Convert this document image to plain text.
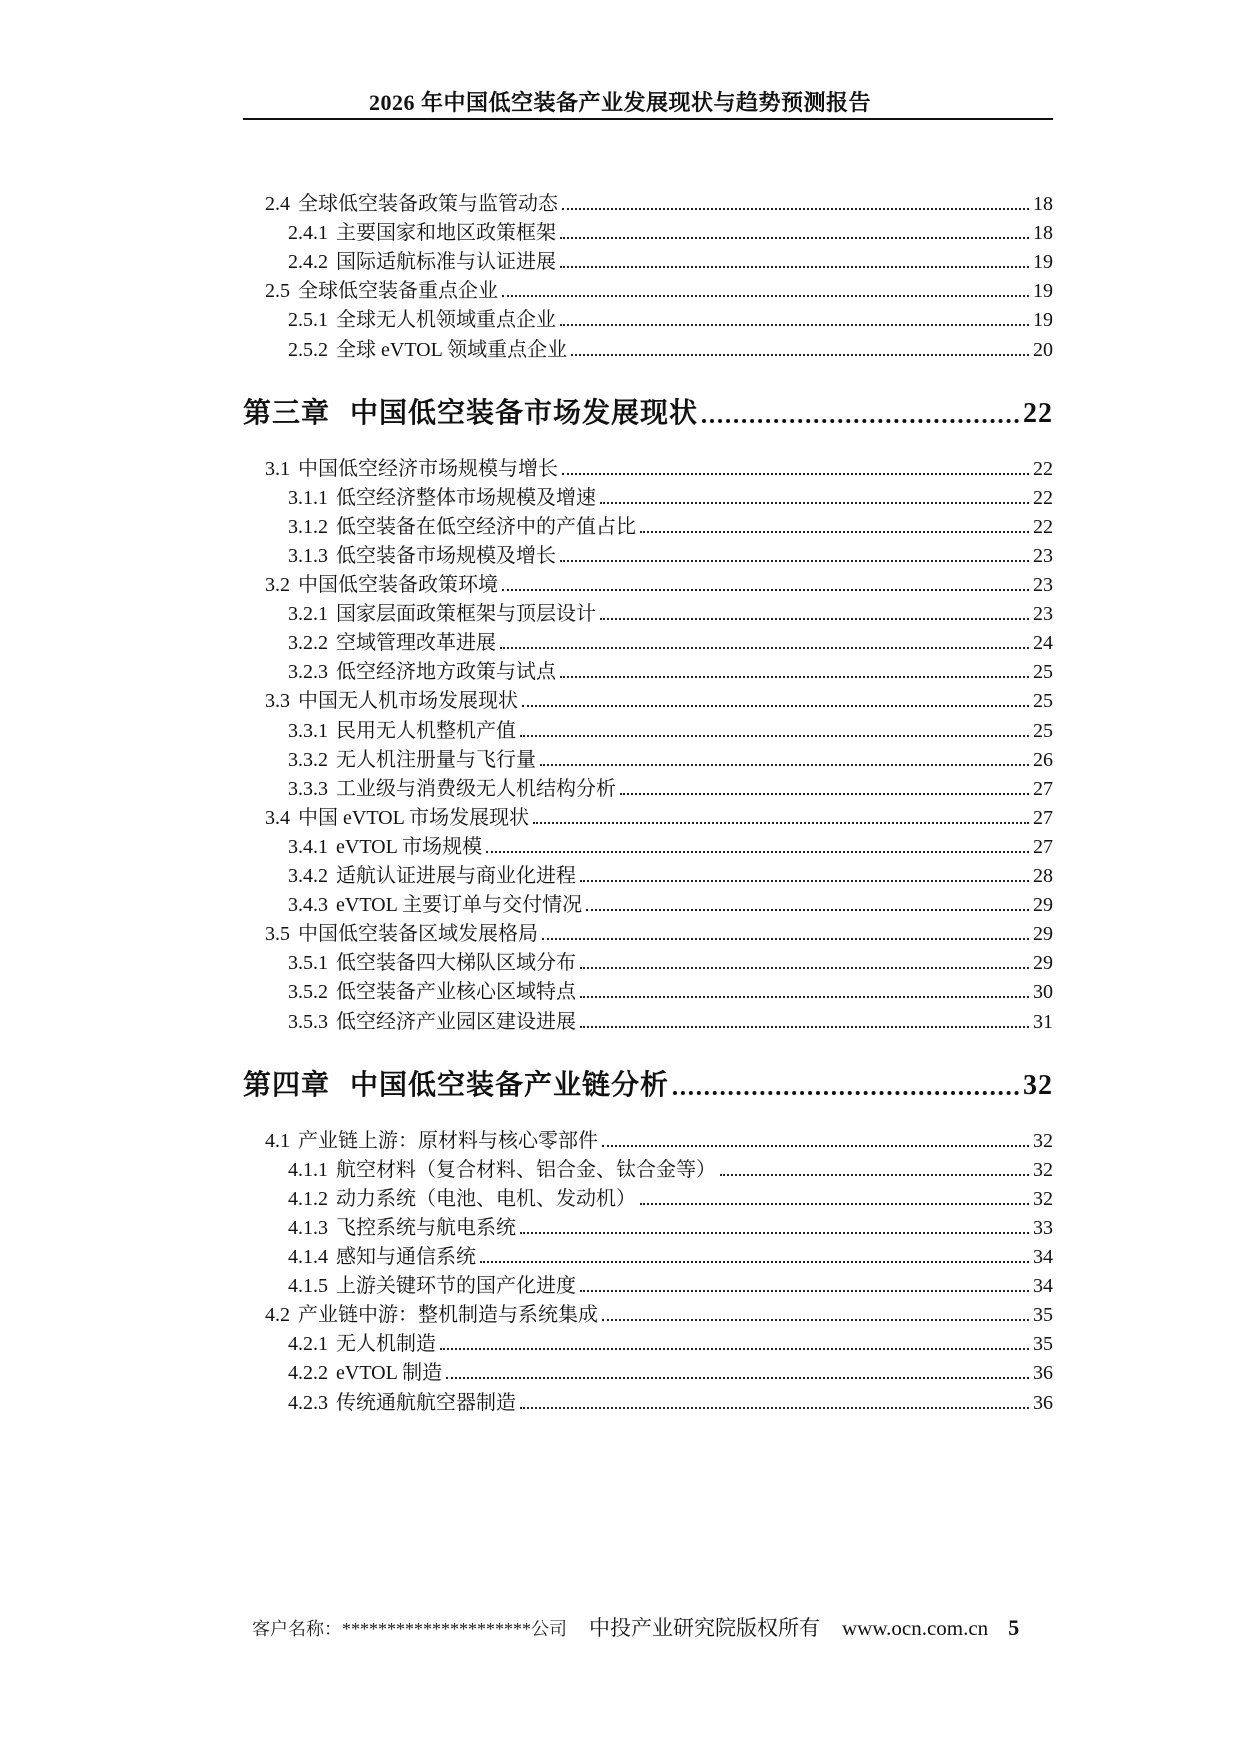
2026 年中国低空装备产业发展现状与趋势预测报告
2.4 全球低空装备政策与监管动态	18
2.4.1 主要国家和地区政策框架	18
2.4.2 国际适航标准与认证进展	19
2.5 全球低空装备重点企业	19
2.5.1 全球无人机领域重点企业	19
2.5.2 全球 eVTOL 领域重点企业	20
第三章 中国低空装备市场发展现状	22
3.1 中国低空经济市场规模与增长	22
3.1.1 低空经济整体市场规模及增速	22
3.1.2 低空装备在低空经济中的产值占比	22
3.1.3 低空装备市场规模及增长	23
3.2 中国低空装备政策环境	23
3.2.1 国家层面政策框架与顶层设计	23
3.2.2 空域管理改革进展	24
3.2.3 低空经济地方政策与试点	25
3.3 中国无人机市场发展现状	25
3.3.1 民用无人机整机产值	25
3.3.2 无人机注册量与飞行量	26
3.3.3 工业级与消费级无人机结构分析	27
3.4 中国 eVTOL 市场发展现状	27
3.4.1 eVTOL 市场规模	27
3.4.2 适航认证进展与商业化进程	28
3.4.3 eVTOL 主要订单与交付情况	29
3.5 中国低空装备区域发展格局	29
3.5.1 低空装备四大梯队区域分布	29
3.5.2 低空装备产业核心区域特点	30
3.5.3 低空经济产业园区建设进展	31
第四章 中国低空装备产业链分析	32
4.1 产业链上游：原材料与核心零部件	32
4.1.1 航空材料（复合材料、铝合金、钛合金等）	32
4.1.2 动力系统（电池、电机、发动机）	32
4.1.3 飞控系统与航电系统	33
4.1.4 感知与通信系统	34
4.1.5 上游关键环节的国产化进度	34
4.2 产业链中游：整机制造与系统集成	35
4.2.1 无人机制造	35
4.2.2 eVTOL 制造	36
4.2.3 传统通航航空器制造	36
客户名称：*********************公司 中投产业研究院版权所有 www.ocn.com.cn 5
